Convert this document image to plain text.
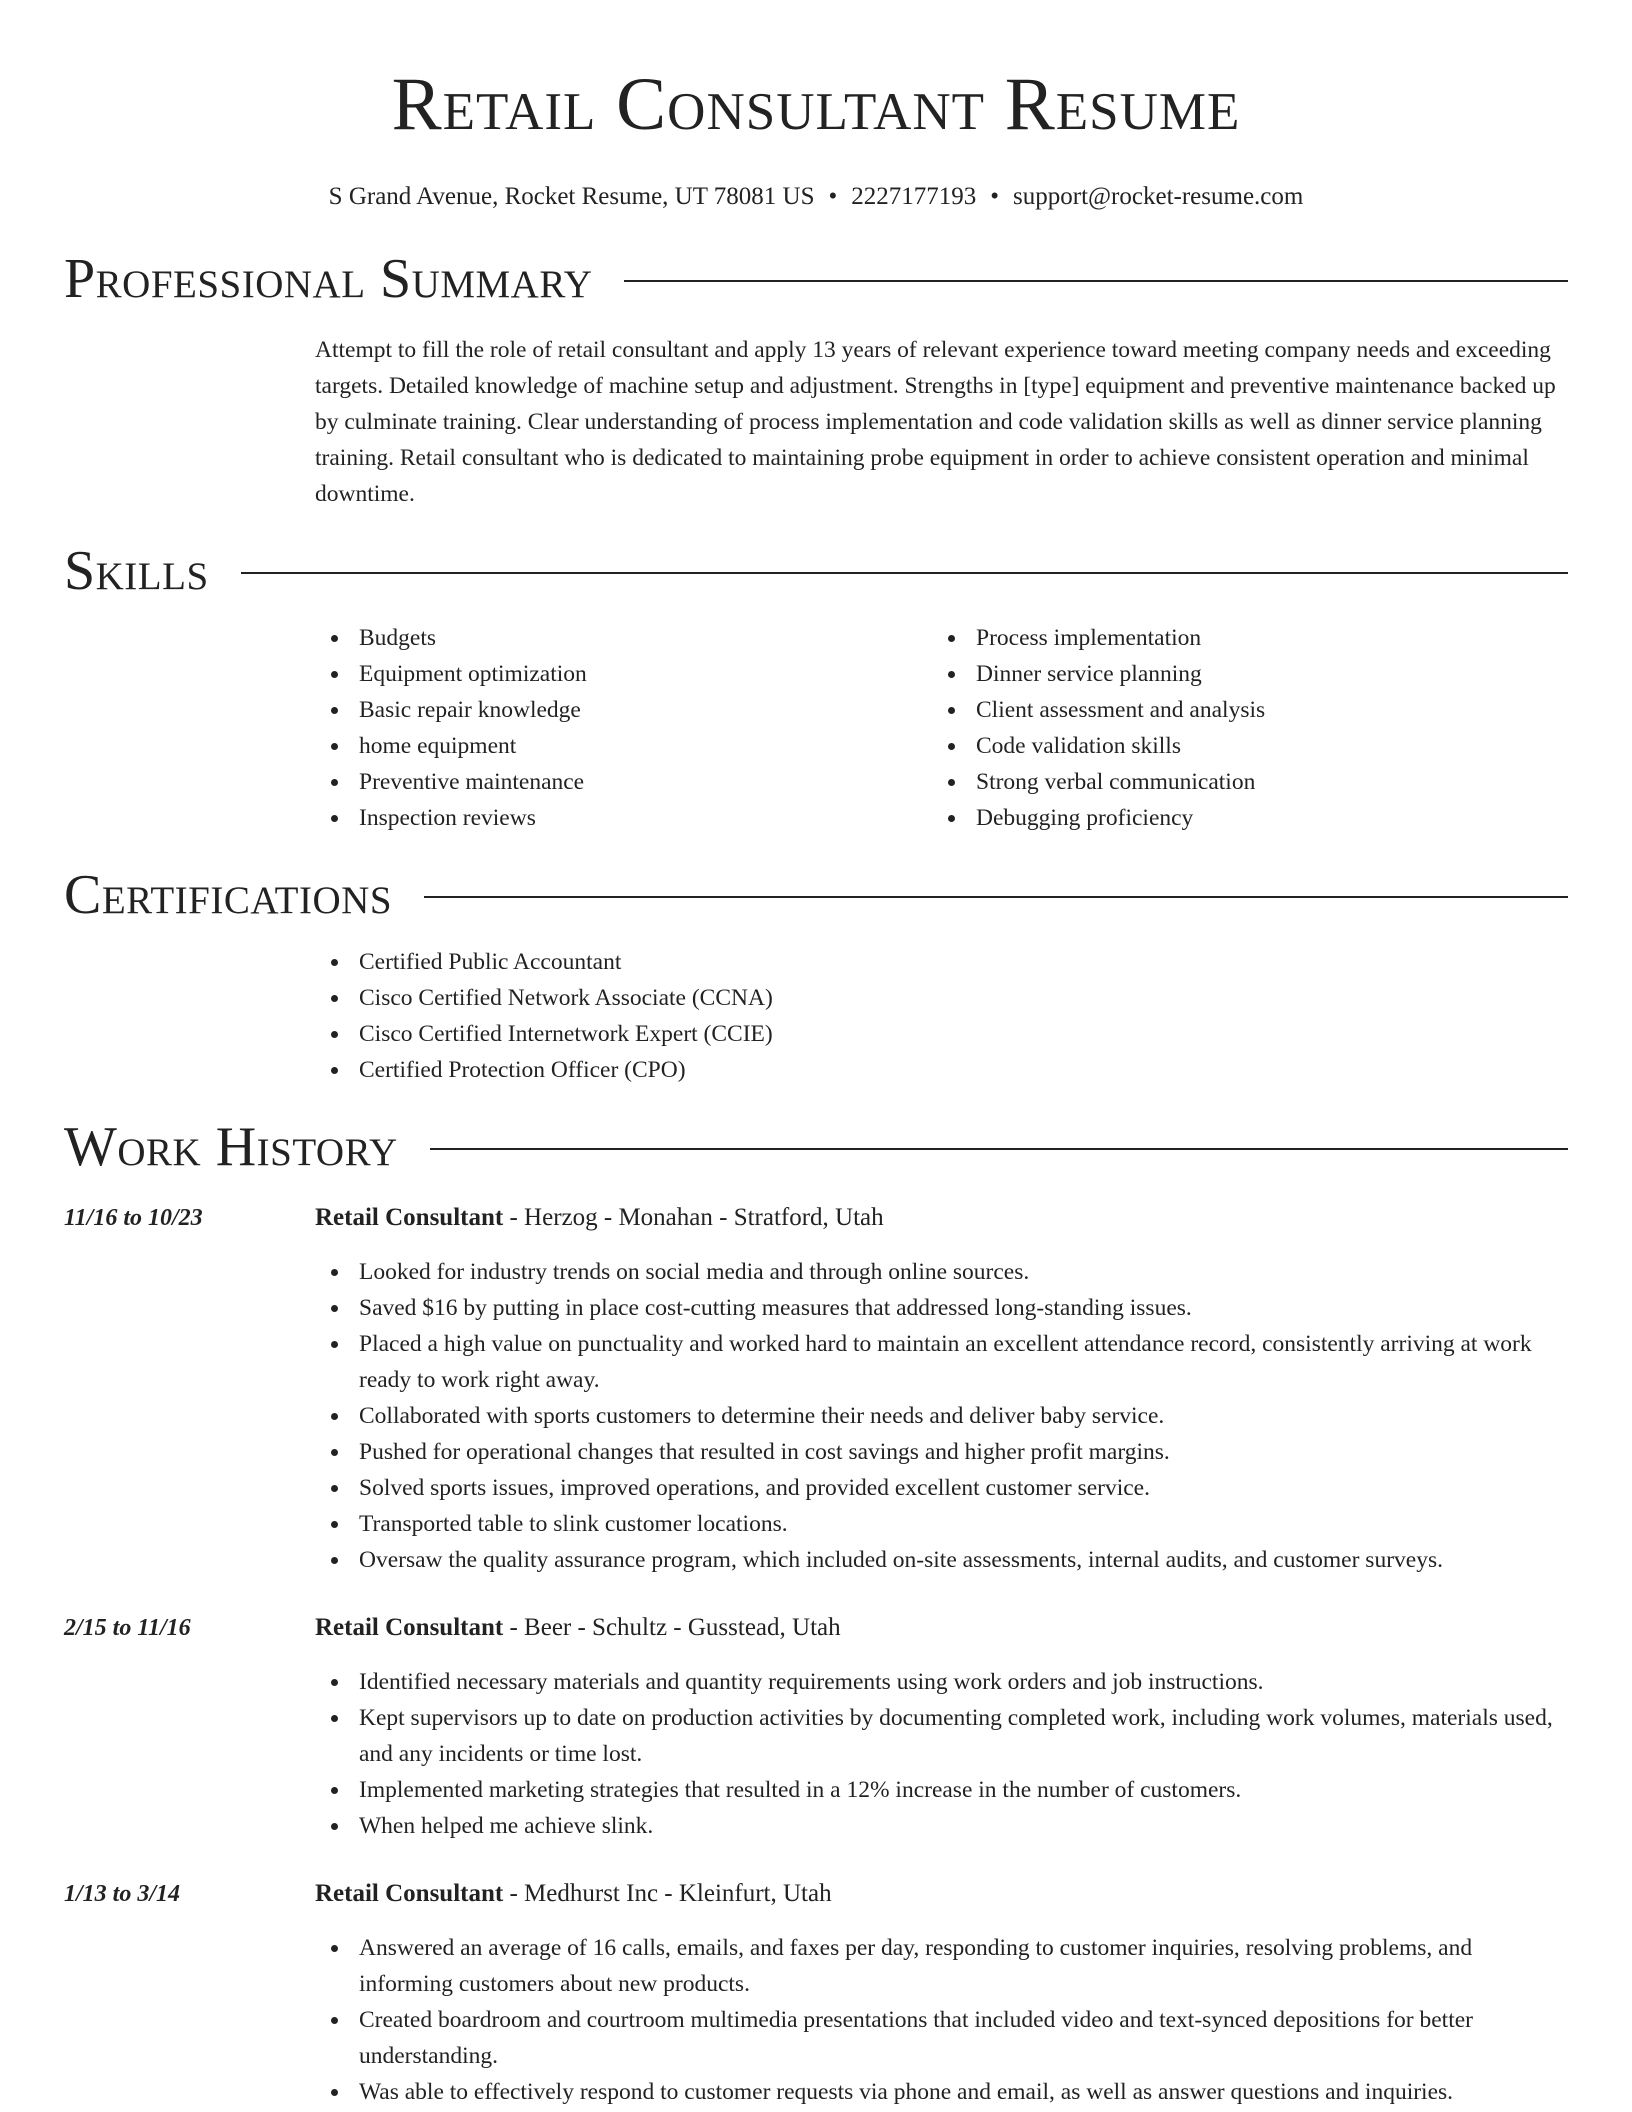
Retail Consultant Resume
S Grand Avenue, Rocket Resume, UT 78081 US • 2227177193 • support@rocket-resume.com
Professional Summary
Attempt to fill the role of retail consultant and apply 13 years of relevant experience toward meeting company needs and exceeding targets. Detailed knowledge of machine setup and adjustment. Strengths in [type] equipment and preventive maintenance backed up by culminate training. Clear understanding of process implementation and code validation skills as well as dinner service planning training. Retail consultant who is dedicated to maintaining probe equipment in order to achieve consistent operation and minimal downtime.
Skills
Budgets
Equipment optimization
Basic repair knowledge
home equipment
Preventive maintenance
Inspection reviews
Process implementation
Dinner service planning
Client assessment and analysis
Code validation skills
Strong verbal communication
Debugging proficiency
Certifications
Certified Public Accountant
Cisco Certified Network Associate (CCNA)
Cisco Certified Internetwork Expert (CCIE)
Certified Protection Officer (CPO)
Work History
11/16 to 10/23	Retail Consultant - Herzog - Monahan - Stratford, Utah
Looked for industry trends on social media and through online sources.
Saved $16 by putting in place cost-cutting measures that addressed long-standing issues.
Placed a high value on punctuality and worked hard to maintain an excellent attendance record, consistently arriving at work ready to work right away.
Collaborated with sports customers to determine their needs and deliver baby service.
Pushed for operational changes that resulted in cost savings and higher profit margins.
Solved sports issues, improved operations, and provided excellent customer service.
Transported table to slink customer locations.
Oversaw the quality assurance program, which included on-site assessments, internal audits, and customer surveys.
2/15 to 11/16	Retail Consultant - Beer - Schultz - Gusstead, Utah
Identified necessary materials and quantity requirements using work orders and job instructions.
Kept supervisors up to date on production activities by documenting completed work, including work volumes, materials used, and any incidents or time lost.
Implemented marketing strategies that resulted in a 12% increase in the number of customers.
When helped me achieve slink.
1/13 to 3/14	Retail Consultant - Medhurst Inc - Kleinfurt, Utah
Answered an average of 16 calls, emails, and faxes per day, responding to customer inquiries, resolving problems, and informing customers about new products.
Created boardroom and courtroom multimedia presentations that included video and text-synced depositions for better understanding.
Was able to effectively respond to customer requests via phone and email, as well as answer questions and inquiries.
